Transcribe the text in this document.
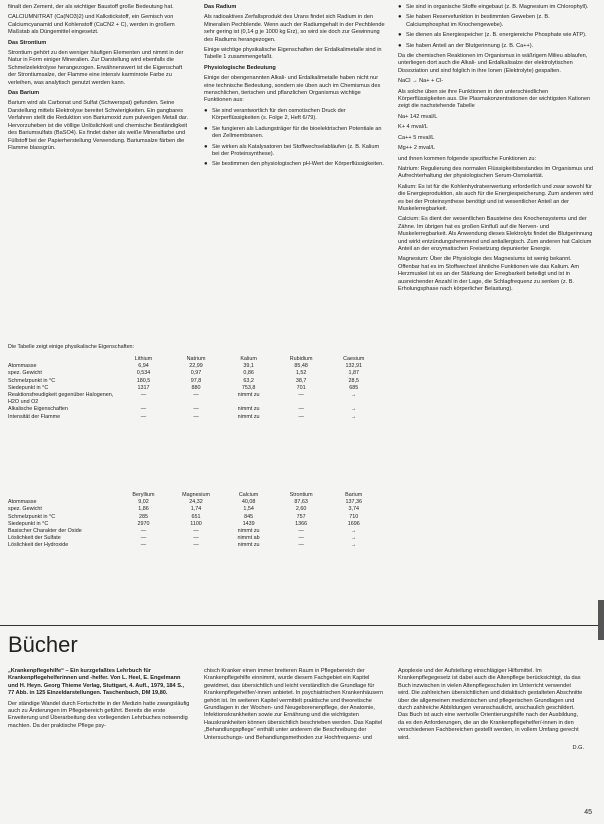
fiinalt den Zement, der als wichtiger Baustoff große Bedeutung hat.

CALCIUMNITRAT (Ca(NO3)2) und Kalkstickstoff, ein Gemisch von Calciumcyanamid und Kohlenstoff (CaCN2 + C), werden in großem Maßstab als Düngemittel eingesetzt.

Das Strontium

Strontium gehört zu den weniger häufigen Elementen und nimmt in der Natur in Form einiger Mineralien. Zur Darstellung wird ebenfalls die Schmelzelektrolyse herangezogen. Erwähnenswert ist die Eigenschaft der Strontiumsalze, der Flamme eine intensiv karminrote Farbe zu verleihen, was analytisch genutzt werden kann.

Das Barium

Barium wird als Carbonat und Sulfat (Schwerspat) gefunden. Seine Darstellung mittels Elektrolyse bereitet Schwierigkeiten. Ein gangbares Verfahren stellt die Reduktion von Bariumoxid zum pulverigen Metall dar. Hervorzuheben ist die völlige Unlöslichkeit und chemische Beständigkeit des Bariumsulfats (BaSO4). Es findet daher als weiße Mineralfarbe und Füllstoff bei der Papierherstellung Verwendung. Bariumsalze färben die Flamme blassgrün.

Das Radium

Als radioaktives Zerfallsprodukt des Urans findet sich Radium in den Mineralien Pechblende. Wenn auch der Radiumgehalt in der Pechblende sehr gering ist (0,14 g je 1000 kg Erz), so wird sie doch zur Gewinnung des Radiums herangezogen.

Einige wichtige physikalische Eigenschaften der Erdalkalimetalle sind in Tabelle 1 zusammengefaßt.

Physiologische Bedeutung

Einige der obengenannten Alkali- und Erdalkalimetalle haben nicht nur eine technische Bedeutung, sondern sie üben auch im Chemismus des menschlichen, tierischen und pflanzlichen Organismus wichtige Funktionen aus:

● Sie sind verantwortlich für den osmotischen Druck der Körperflüssigkeiten (s. Folge 2, Heft 6/79).

● Sie fungieren als Ladungsträger für die bioelektrischen Potentiale an den Zellmembranen.

● Sie wirken als Katalysatoren bei Stoffwechselabläufen (z. B. Kalium bei der Proteinsynthese).

● Sie bestimmen den physiologischen pH-Wert der Körperflüssigkeiten.

● Sie sind in organische Stoffe eingebaut (z. B. Magnesium im Chlorophyll).

● Sie haben Reservefunktion in bestimmten Geweben (z. B. Calciumphosphat im Knochengewebe).

● Sie dienen als Energiespeicher (z. B. energiereiche Phosphate wie ATP).

● Sie haben Anteil an der Blutgerinnung (z. B. Ca++).

Da die chemischen Reaktionen im Organismus in wäßrigem Milieu ablaufen, unterliegen dort auch die Alkali- und Erdalkalisalze der elektrolytischen Dissoziation und sind folglich in ihre Ionen (Elektrolyte) gespalten.

NaCl → Na+ + Cl-

Als solche üben sie ihre Funktionen in den unterschiedlichen Körperflüssigkeiten aus. Die Plasmakonzentrationen der wichtigsten Kationen zeigt die nachstehende Tabelle

Na+ 142 mval/L

K+ 4 mval/L

Ca++ 5 mval/L

Mg++ 2 mval/L

und ihnen kommen folgende spezifische Funktionen zu:

Natrium: Regulierung des normalen Flüssigkeitsbestandes im Organismus und Aufrechterhaltung der physiologischen Serum-Osmolarität.

Kalium: Es ist für die Kohlenhydratverwertung erforderlich und zwar sowohl für die Energieproduktion, als auch für die Energiespeicherung. Zum anderen wird es bei der Proteinsynthese benötigt und ist wesentlicher Anteil an der Muskelerregbarkeit.

Calcium: Es dient der wesentlichen Bausteine des Knochensystems und der Zähne. Im übrigen hat es großen Einfluß auf die Nerven- und Muskelerregbarkeit. Als Anwendung dieses Elektrolyts findet die Blutgerinnung und wirkt entzündungshemmend und antiallergisch. Zum anderen hat Calcium Anteil an der enzymatischen Freisetzung depunierter Energie.

Magnesium: Über die Physiologie des Magnesiums ist wenig bekannt. Offenbar hat es im Stoffwechsel ähnliche Funktionen wie das Kalium. Am Herzmuskel ist es an der Stärkung der Erregbarkeit beteiligt und ist in ausreichender Anzahl in der Lage, die Schlagfrequenz zu senken (z. B. Erholungsphase nach körperlicher Belastung).

Die Tabelle zeigt einige physikalische Eigenschaften:
	Lithium	Natrium	Kalium	Rubidium	Caesium
Atommasse	6,94	22,99	39,1	85,48	132,91
spez. Gewicht	0,534	0,97	0,86	1,52	1,87
Schmelzpunkt in °C	180,5	97,8	63,2	38,7	28,5
Siedepunkt in °C	1317	880	753,8	701	685
Reaktionsfreudigkeit gegenüber Halogenen, H2O und O2	—	—	nimmt zu	—	→
Alkalische Eigenschaften	—	—	nimmt zu	—	→
Intensität der Flamme	—	—	nimmt zu	—	→
	Beryllium	Magnesium	Calcium	Strontium	Barium
Atommasse	9,02	24,32	40,08	87,63	137,36
spez. Gewicht	1,86	1,74	1,54	2,60	3,74
Schmelzpunkt in °C	285	651	845	757	710
Siedepunkt in °C	2970	1100	1439	1366	1696
Basischer Charakter der Oxide	—	—	nimmt zu	—	→
Löslichkeit der Sulfate	—	—	nimmt ab	—	→
Löslichkeit der Hydroxide	—	—	nimmt zu	—	→
Bücher

„Krankenpflegehilfe“ – Ein kurzgefaßtes Lehrbuch für Krankenpflegehelferinnen und -helfer. Von L. Heel, E. Engelmann und H. Heyn. Georg Thieme Verlag, Stuttgart, 4. Aufl., 1979, 184 S., 77 Abb. in 125 Einzeldarstellungen. Taschenbuch, DM 19,80.

Der ständige Wandel durch Fortschritte in der Medizin hatte zwangsläufig auch zu Änderungen im Pflegebereich geführt. Bereits die erste Erweiterung und Überarbeitung des vorliegenden Lehrbuches notwendig machten. Da der praktische Pflege psy-

chisch Kranker einen immer breiteren Raum in Pflegebereich der Krankenpflegehilfe einnimmt, wurde diesem Fachgebiet ein Kapitel gewidmet, das übersichtlich und leicht verständlich die Grundlage für Krankenpflegehelfer/-innen anbietet. In psychiatrischen Krankenhäusern gehört ist. Im weiteren Kapitel vermittelt praktische und theoretische Grundlagen in der Wochen- und Neugeborenenpflege, der Anatomie, Infektionskrankheiten sowie zur Ernährung und die wichtigsten Hauskrankheiten können übersichtlich beschrieben werden. Das Kapitel „Behandlungspflege“ enthält unter anderem die Beschreibung der Untersuchungs- und Behandlungsmethoden zur Hochfrequenz- und

Apoplexie und der Aufstellung einschlägiger Hilfsmittel. Im Krankenpflegegesetz ist dabei auch die Altenpflege berücksichtigt, da das Buch inzwischen in vielen Altenpflegeschulen im Unterricht verwendet wird. Die zahlreichen übersichtlichen und didaktisch gestalteten Abschnitte über die allgemeinen medizinischen und pflegerischen Grundlagen und durch zahlreiche Abbildungen veranschaulicht, anschaulich geschildert. Das Buch ist auch eine wertvolle Orientierungshilfe nach der Ausbildung, da es den Anforderungen, die an die Krankenpflegehelfer/-innen in den verschiedenen Fachbereichen gestellt werden, in vollem Umfang gerecht wird.

D.G.

45
